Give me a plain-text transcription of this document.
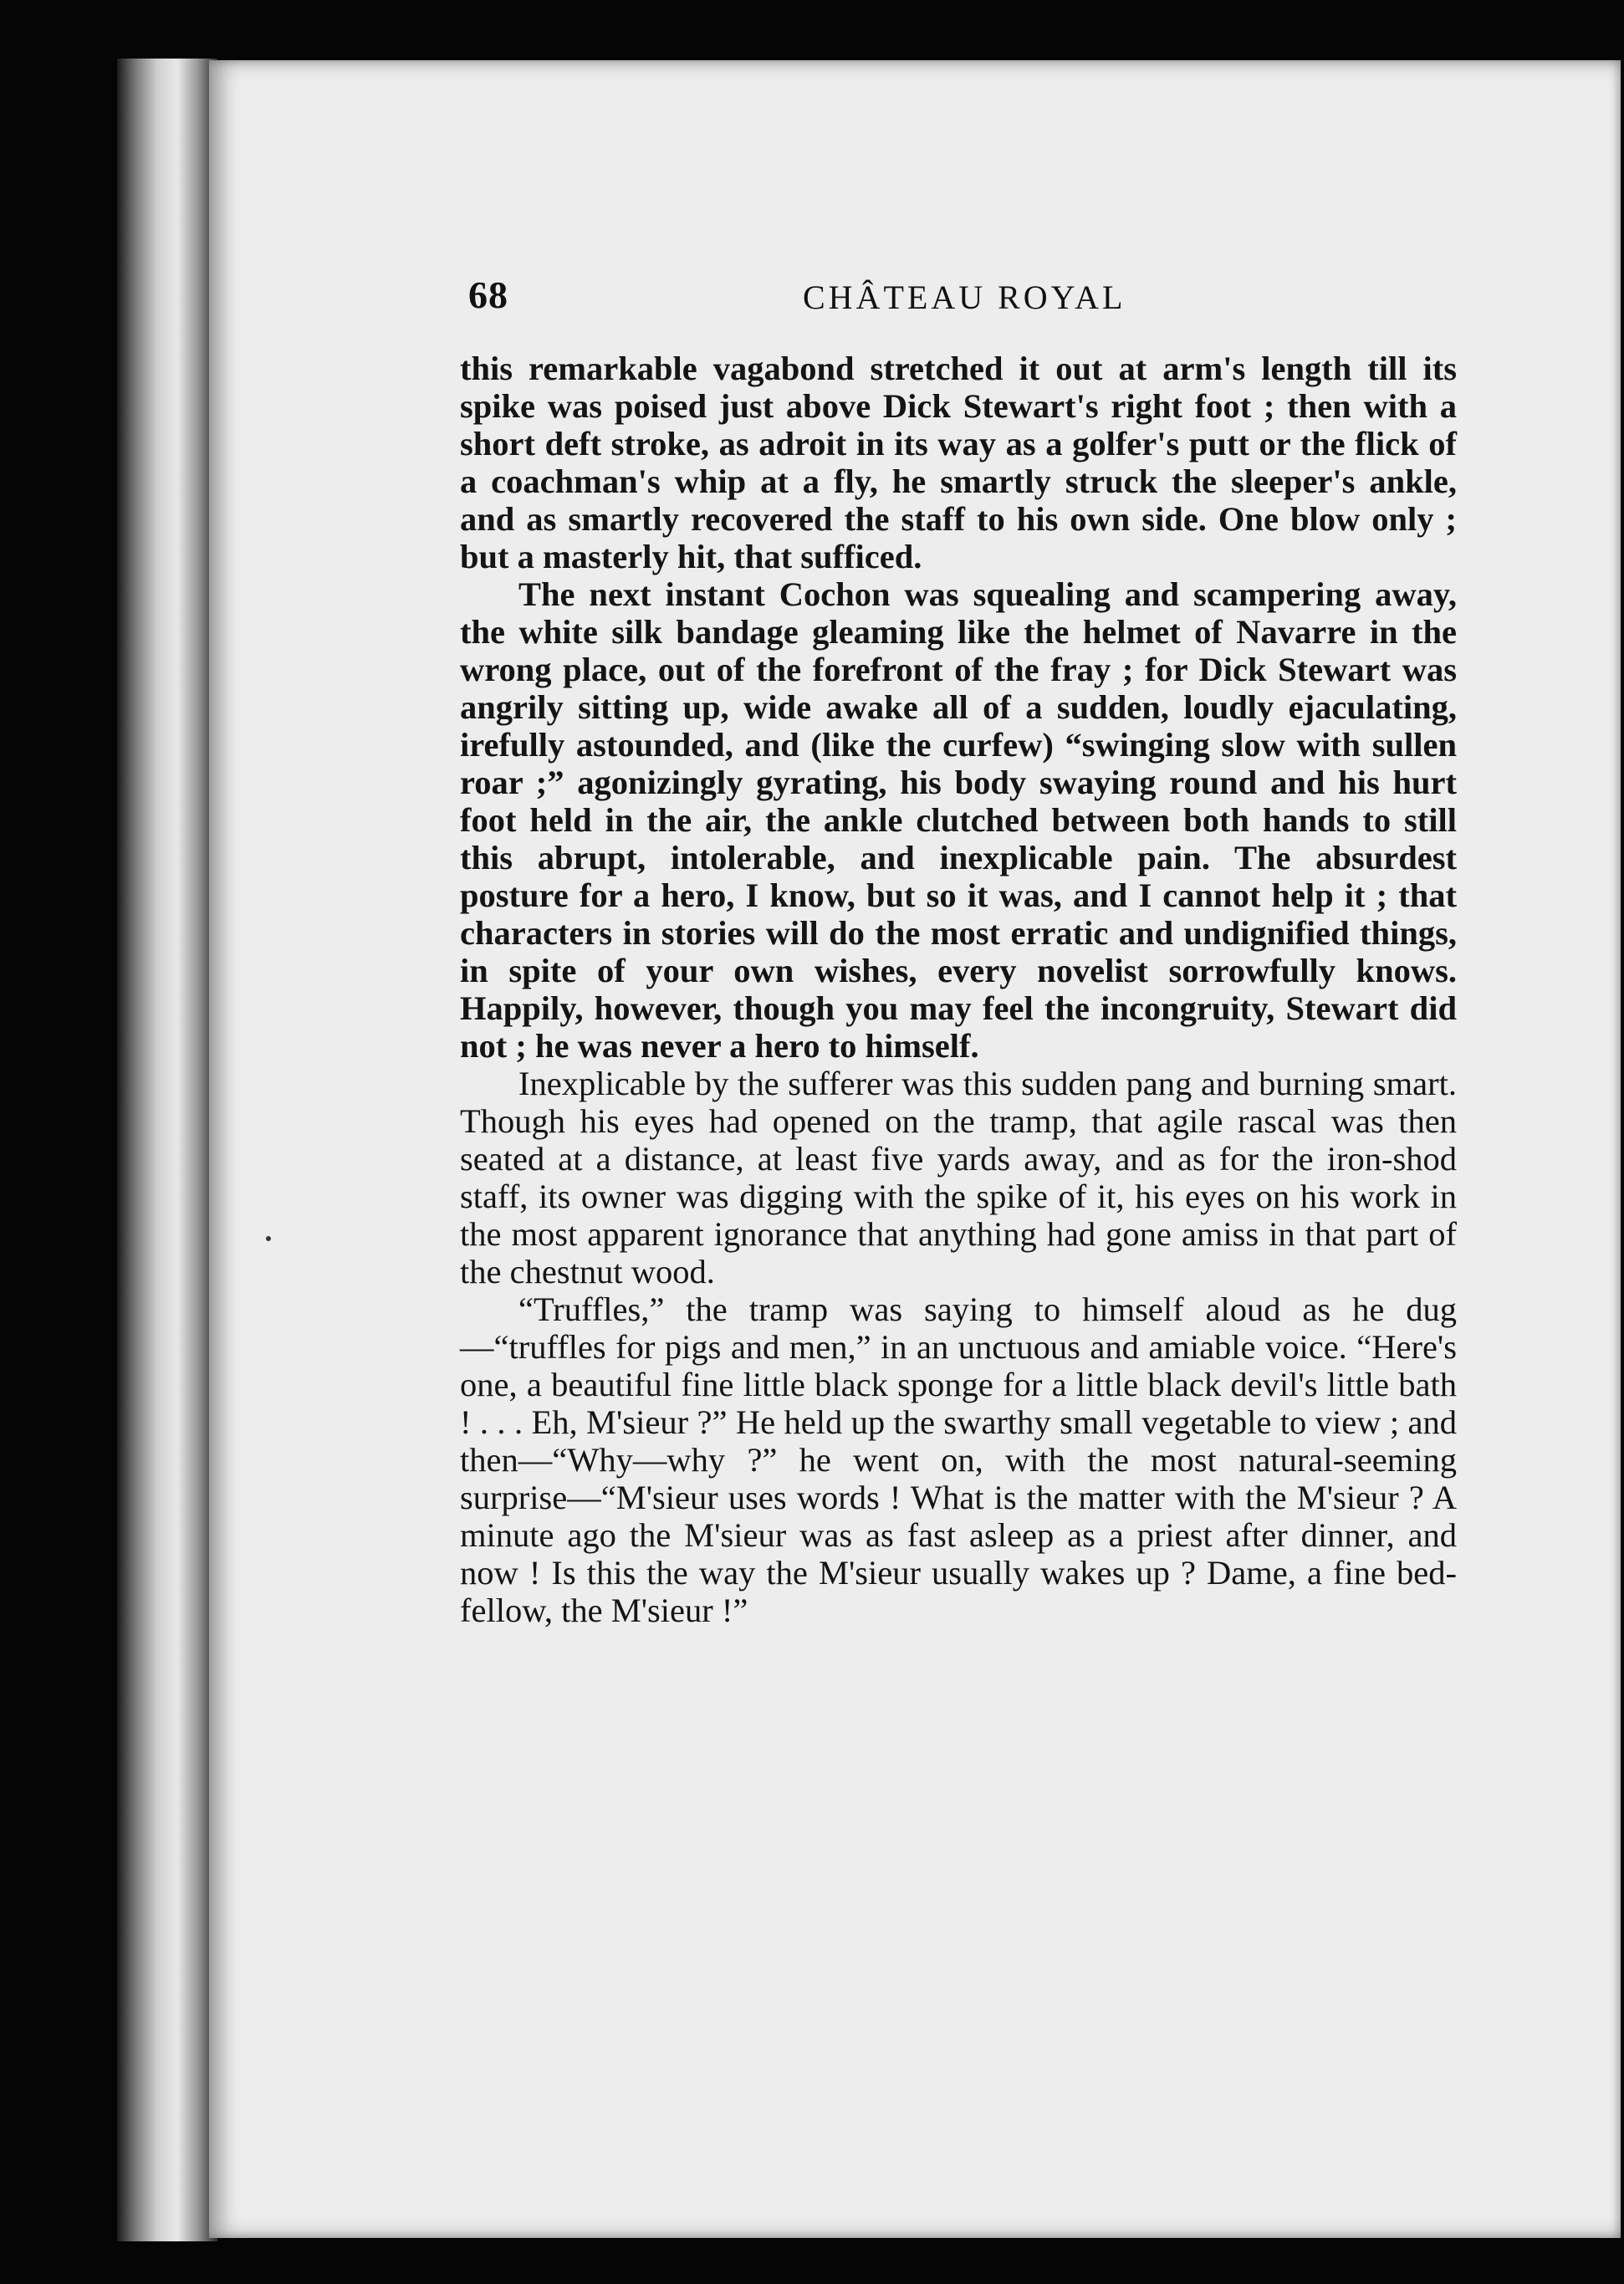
68	CHÂTEAU ROYAL

this remarkable vagabond stretched it out at arm's length till its spike was poised just above Dick Stewart's right foot ; then with a short deft stroke, as adroit in its way as a golfer's putt or the flick of a coachman's whip at a fly, he smartly struck the sleeper's ankle, and as smartly recovered the staff to his own side. One blow only ; but a masterly hit, that sufficed.

The next instant Cochon was squealing and scampering away, the white silk bandage gleaming like the helmet of Navarre in the wrong place, out of the forefront of the fray ; for Dick Stewart was angrily sitting up, wide awake all of a sudden, loudly ejaculating, irefully astounded, and (like the curfew) “swinging slow with sullen roar ;” agonizingly gyrating, his body swaying round and his hurt foot held in the air, the ankle clutched between both hands to still this abrupt, intolerable, and inexplicable pain. The absurdest posture for a hero, I know, but so it was, and I cannot help it ; that characters in stories will do the most erratic and undignified things, in spite of your own wishes, every novelist sorrowfully knows. Happily, however, though you may feel the incongruity, Stewart did not ; he was never a hero to himself.

Inexplicable by the sufferer was this sudden pang and burning smart. Though his eyes had opened on the tramp, that agile rascal was then seated at a distance, at least five yards away, and as for the iron-shod staff, its owner was digging with the spike of it, his eyes on his work in the most apparent ignorance that anything had gone amiss in that part of the chestnut wood.

“Truffles,” the tramp was saying to himself aloud as he dug—“truffles for pigs and men,” in an unctuous and amiable voice. “Here's one, a beautiful fine little black sponge for a little black devil's little bath ! . . . Eh, M'sieur ?” He held up the swarthy small vegetable to view ; and then—“Why—why ?” he went on, with the most natural-seeming surprise—“M'sieur uses words ! What is the matter with the M'sieur ? A minute ago the M'sieur was as fast asleep as a priest after dinner, and now ! Is this the way the M'sieur usually wakes up ? Dame, a fine bed-fellow, the M'sieur !”
